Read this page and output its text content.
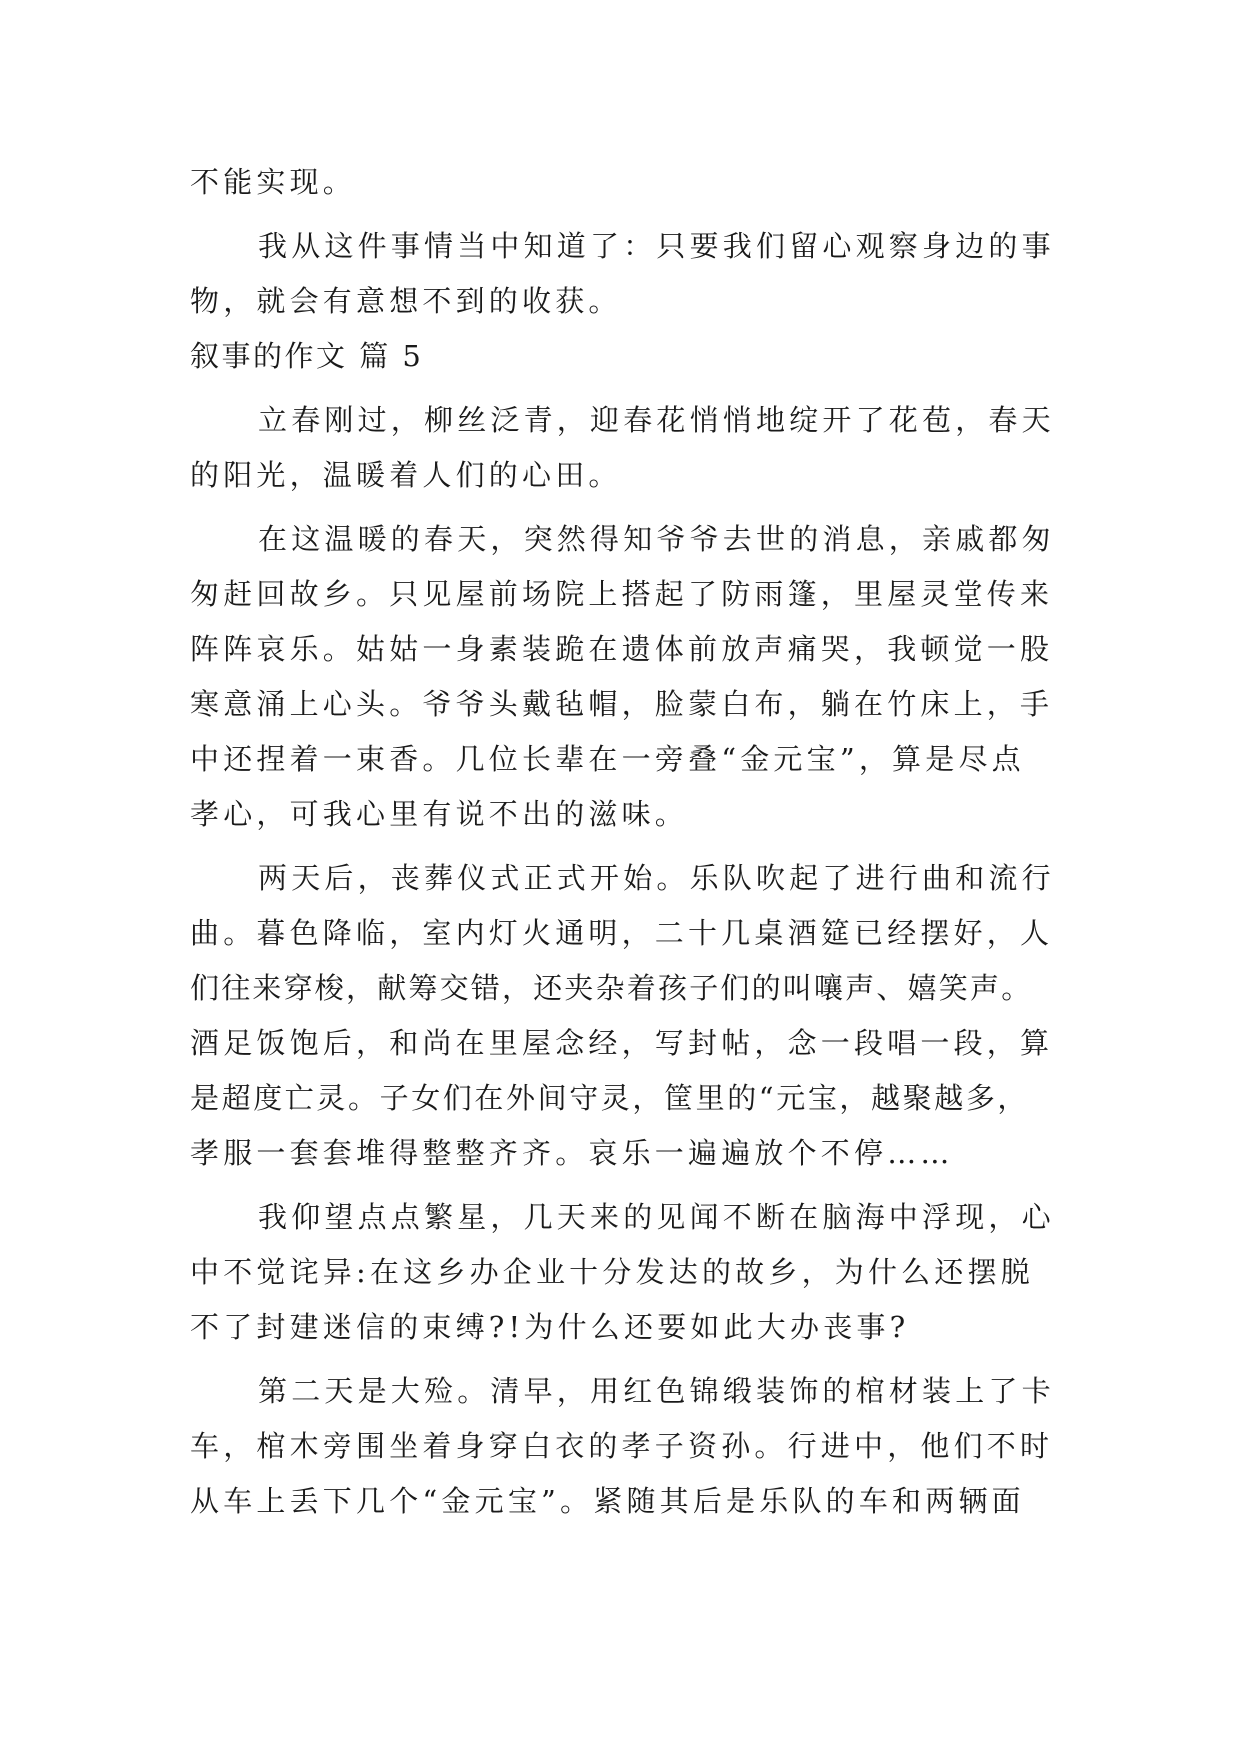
不能实现。
我从这件事情当中知道了：只要我们留心观察身边的事
物，就会有意想不到的收获。
叙事的作文 篇 5
立春刚过，柳丝泛青，迎春花悄悄地绽开了花苞，春天
的阳光，温暖着人们的心田。
在这温暖的春天，突然得知爷爷去世的消息，亲戚都匆
匆赶回故乡。只见屋前场院上搭起了防雨篷，里屋灵堂传来
阵阵哀乐。姑姑一身素装跪在遗体前放声痛哭，我顿觉一股
寒意涌上心头。爷爷头戴毡帽，脸蒙白布，躺在竹床上，手
中还捏着一束香。几位长辈在一旁叠“金元宝”，算是尽点
孝心，可我心里有说不出的滋味。
两天后，丧葬仪式正式开始。乐队吹起了进行曲和流行
曲。暮色降临，室内灯火通明，二十几桌酒筵已经摆好，人
们往来穿梭，献筹交错，还夹杂着孩子们的叫嚷声、嬉笑声。
酒足饭饱后，和尚在里屋念经，写封帖，念一段唱一段，算
是超度亡灵。子女们在外间守灵，筐里的“元宝，越聚越多，
孝服一套套堆得整整齐齐。哀乐一遍遍放个不停……
我仰望点点繁星，几天来的见闻不断在脑海中浮现，心
中不觉诧异:在这乡办企业十分发达的故乡，为什么还摆脱
不了封建迷信的束缚?!为什么还要如此大办丧事?
第二天是大殓。清早，用红色锦缎装饰的棺材装上了卡
车，棺木旁围坐着身穿白衣的孝子资孙。行进中，他们不时
从车上丢下几个“金元宝”。紧随其后是乐队的车和两辆面
